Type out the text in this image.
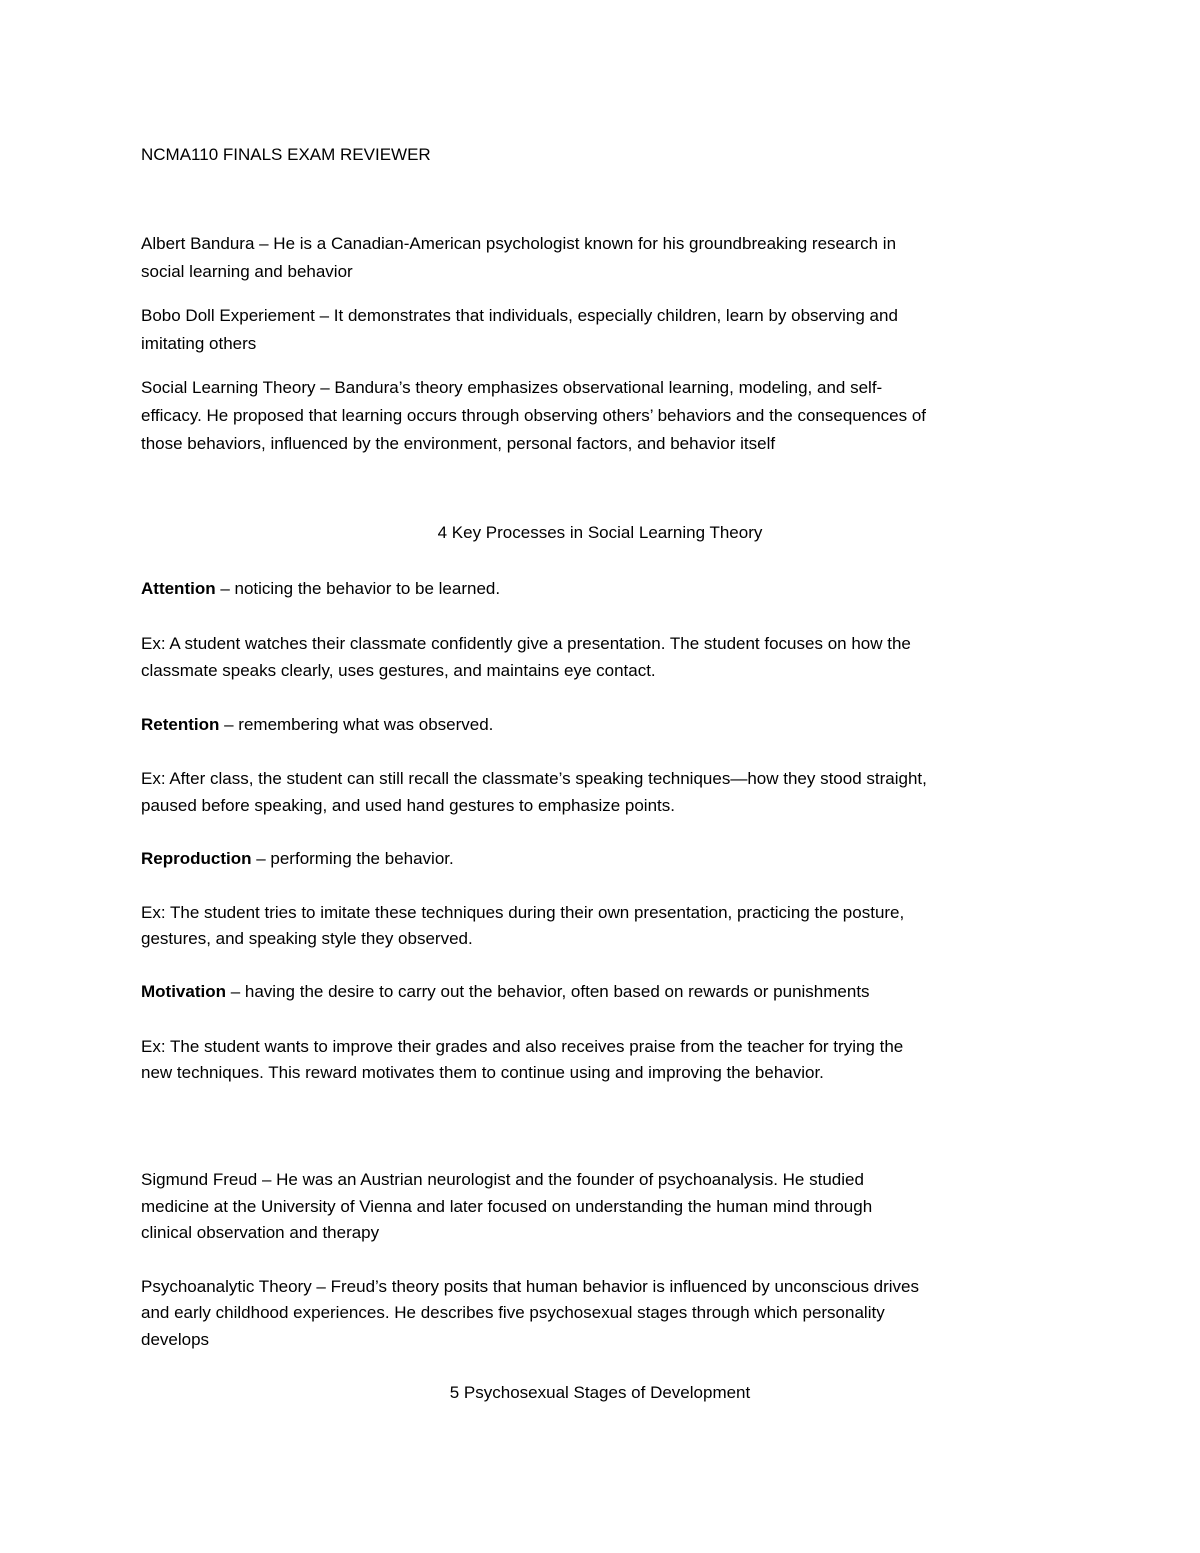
NCMA110 FINALS EXAM REVIEWER
Albert Bandura – He is a Canadian-American psychologist known for his groundbreaking research in
social learning and behavior
Bobo Doll Experiement – It demonstrates that individuals, especially children, learn by observing and
imitating others
Social Learning Theory – Bandura’s theory emphasizes observational learning, modeling, and self-
efficacy. He proposed that learning occurs through observing others’ behaviors and the consequences of
those behaviors, influenced by the environment, personal factors, and behavior itself
4 Key Processes in Social Learning Theory
Attention – noticing the behavior to be learned.
Ex: A student watches their classmate confidently give a presentation. The student focuses on how the
classmate speaks clearly, uses gestures, and maintains eye contact.
Retention – remembering what was observed.
Ex: After class, the student can still recall the classmate’s speaking techniques—how they stood straight,
paused before speaking, and used hand gestures to emphasize points.
Reproduction – performing the behavior.
Ex: The student tries to imitate these techniques during their own presentation, practicing the posture,
gestures, and speaking style they observed.
Motivation – having the desire to carry out the behavior, often based on rewards or punishments
Ex: The student wants to improve their grades and also receives praise from the teacher for trying the
new techniques. This reward motivates them to continue using and improving the behavior.
Sigmund Freud – He was an Austrian neurologist and the founder of psychoanalysis. He studied
medicine at the University of Vienna and later focused on understanding the human mind through
clinical observation and therapy
Psychoanalytic Theory – Freud’s theory posits that human behavior is influenced by unconscious drives
and early childhood experiences. He describes five psychosexual stages through which personality
develops
5 Psychosexual Stages of Development
